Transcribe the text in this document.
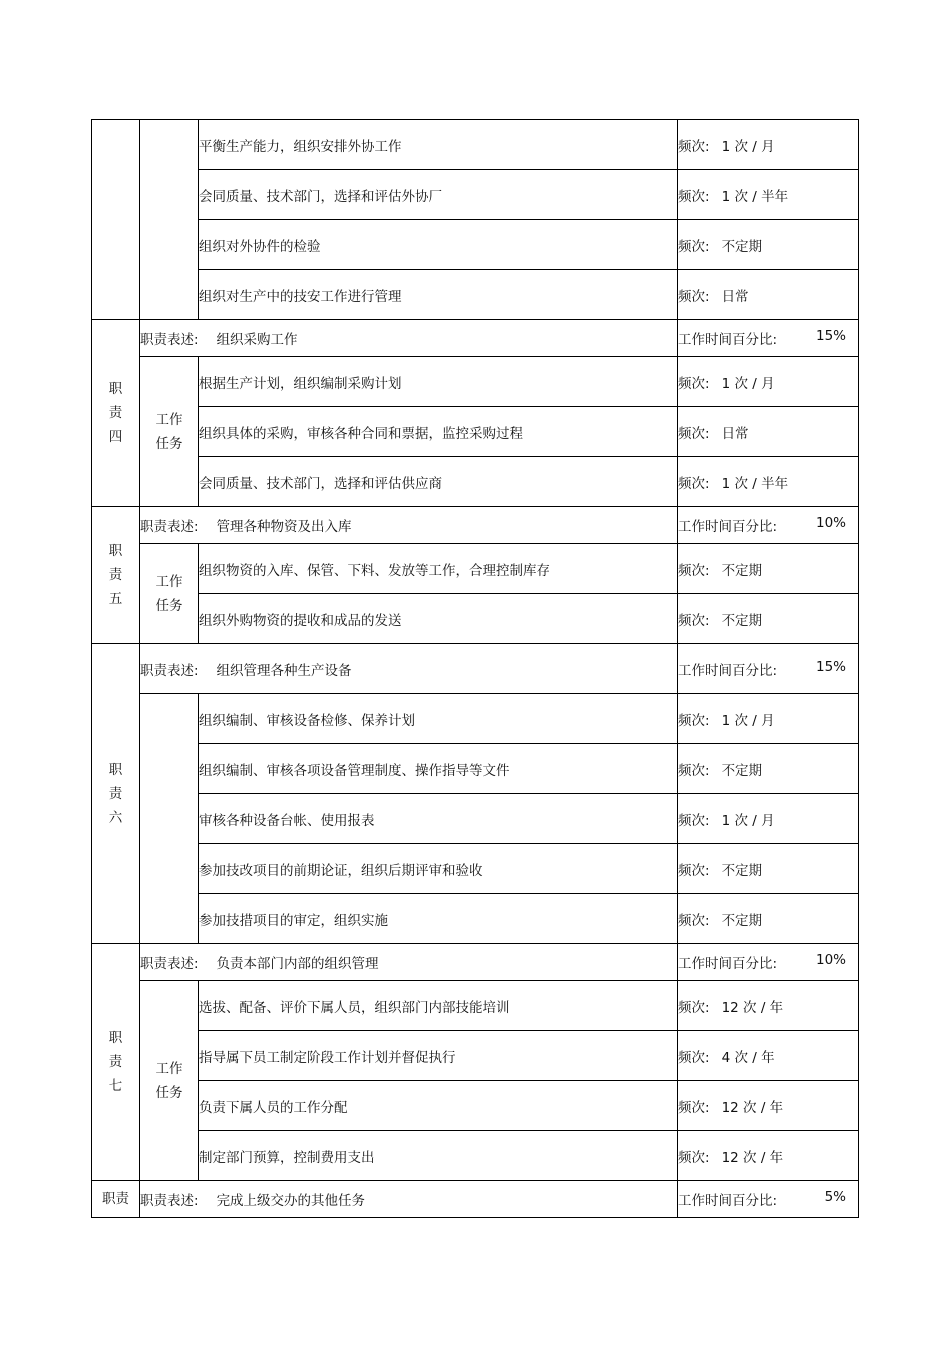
		平衡生产能力，组织安排外协工作	频次: 1 次 / 月
		会同质量、技术部门，选择和评估外协厂	频次: 1 次 / 半年
		组织对外协件的检验	频次: 不定期
		组织对生产中的技安工作进行管理	频次: 日常

职
责
四	职责表述: 组织采购工作		工作时间百分比: 15%

	工作
任务	根据生产计划，组织编制采购计划	频次: 1 次 / 月
		组织具体的采购，审核各种合同和票据，监控采购过程	频次: 日常
		会同质量、技术部门，选择和评估供应商	频次: 1 次 / 半年

职
责
五	职责表述: 管理各种物资及出入库		工作时间百分比: 10%

	工作
任务	组织物资的入库、保管、下料、发放等工作，合理控制库存	频次: 不定期
		组织外购物资的提收和成品的发送	频次: 不定期

职
责
六	职责表述: 组织管理各种生产设备		工作时间百分比: 15%

		组织编制、审核设备检修、保养计划	频次: 1 次 / 月
		组织编制、审核各项设备管理制度、操作指导等文件	频次: 不定期
		审核各种设备台帐、使用报表	频次: 1 次 / 月
		参加技改项目的前期论证，组织后期评审和验收	频次: 不定期
		参加技措项目的审定，组织实施	频次: 不定期

职
责
七	职责表述: 负责本部门内部的组织管理		工作时间百分比: 10%

	工作
任务	选拔、配备、评价下属人员，组织部门内部技能培训	频次: 12 次 / 年
		指导属下员工制定阶段工作计划并督促执行	频次: 4 次 / 年
		负责下属人员的工作分配	频次: 12 次 / 年
		制定部门预算，控制费用支出	频次: 12 次 / 年
职责	职责表述: 完成上级交办的其他任务		工作时间百分比: 5%
